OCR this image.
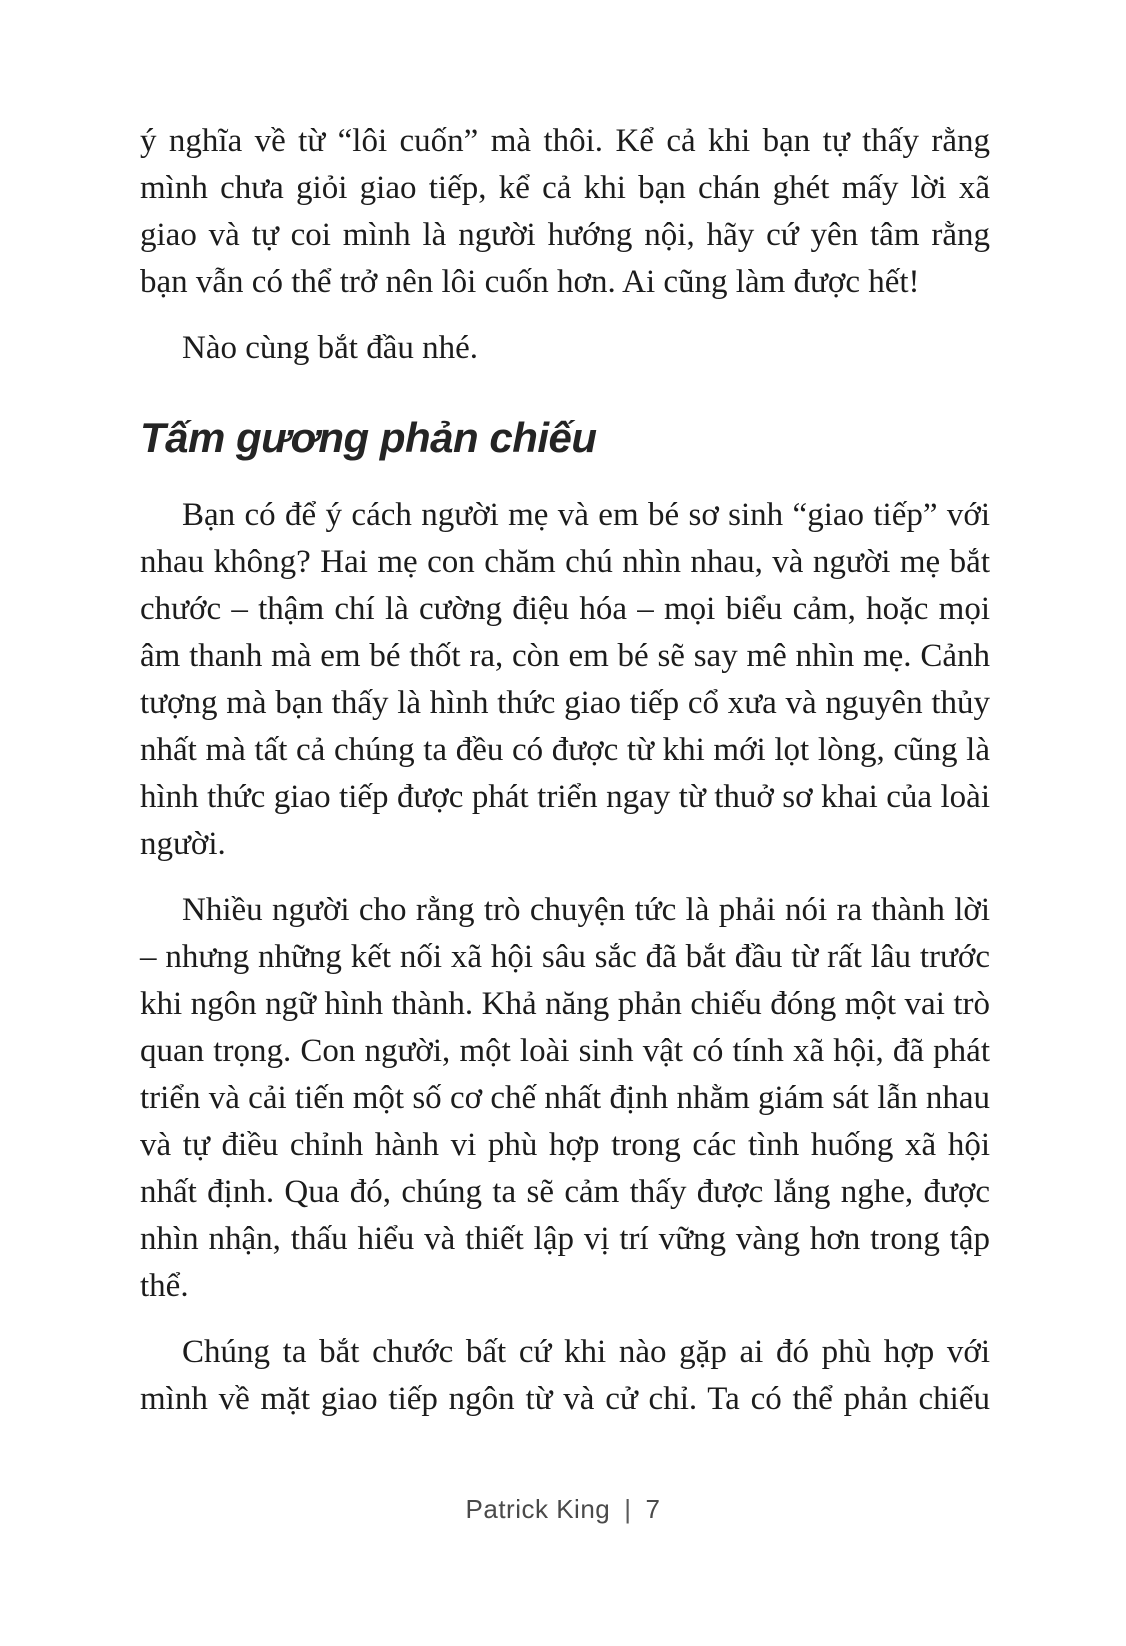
ý nghĩa về từ “lôi cuốn” mà thôi. Kể cả khi bạn tự thấy rằng mình chưa giỏi giao tiếp, kể cả khi bạn chán ghét mấy lời xã giao và tự coi mình là người hướng nội, hãy cứ yên tâm rằng bạn vẫn có thể trở nên lôi cuốn hơn. Ai cũng làm được hết!

Nào cùng bắt đầu nhé.

Tấm gương phản chiếu

Bạn có để ý cách người mẹ và em bé sơ sinh “giao tiếp” với nhau không? Hai mẹ con chăm chú nhìn nhau, và người mẹ bắt chước – thậm chí là cường điệu hóa – mọi biểu cảm, hoặc mọi âm thanh mà em bé thốt ra, còn em bé sẽ say mê nhìn mẹ. Cảnh tượng mà bạn thấy là hình thức giao tiếp cổ xưa và nguyên thủy nhất mà tất cả chúng ta đều có được từ khi mới lọt lòng, cũng là hình thức giao tiếp được phát triển ngay từ thuở sơ khai của loài người.

Nhiều người cho rằng trò chuyện tức là phải nói ra thành lời – nhưng những kết nối xã hội sâu sắc đã bắt đầu từ rất lâu trước khi ngôn ngữ hình thành. Khả năng phản chiếu đóng một vai trò quan trọng. Con người, một loài sinh vật có tính xã hội, đã phát triển và cải tiến một số cơ chế nhất định nhằm giám sát lẫn nhau và tự điều chỉnh hành vi phù hợp trong các tình huống xã hội nhất định. Qua đó, chúng ta sẽ cảm thấy được lắng nghe, được nhìn nhận, thấu hiểu và thiết lập vị trí vững vàng hơn trong tập thể.

Chúng ta bắt chước bất cứ khi nào gặp ai đó phù hợp với mình về mặt giao tiếp ngôn từ và cử chỉ. Ta có thể phản chiếu

Patrick King | 7
